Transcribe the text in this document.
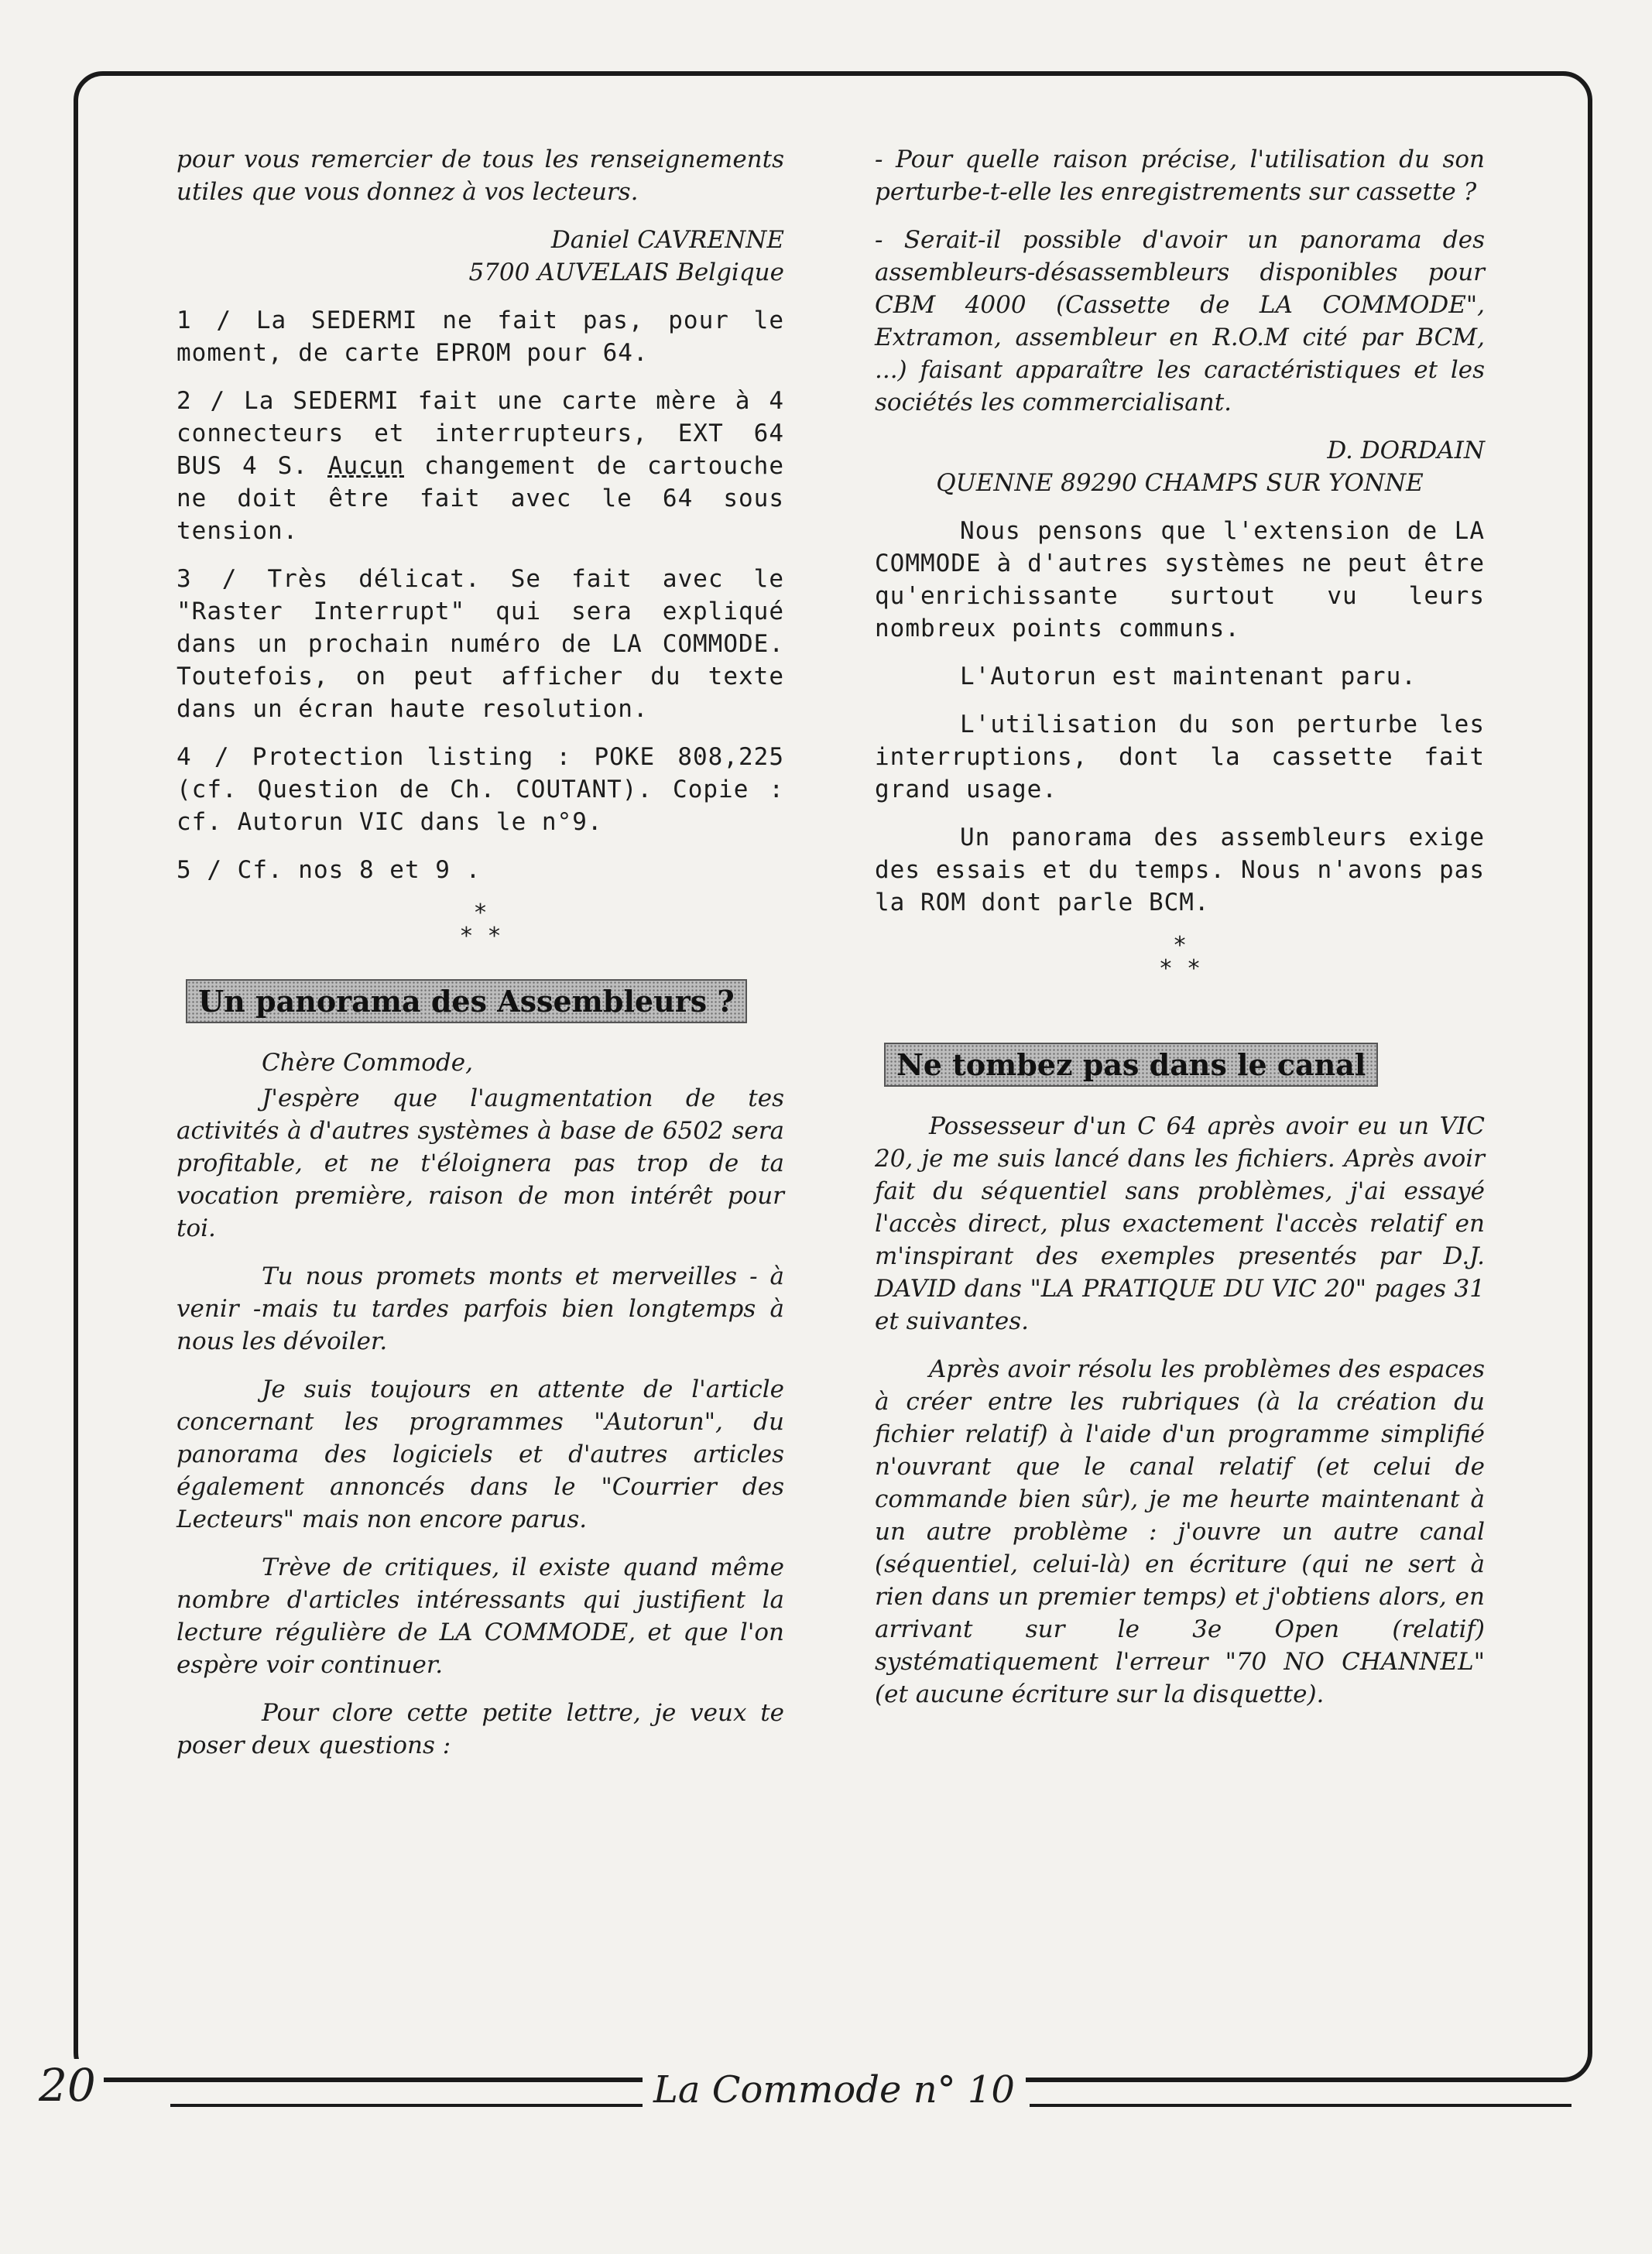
pour vous remercier de tous les renseignements utiles que vous donnez à vos lecteurs.

Daniel CAVRENNE

5700 AUVELAIS Belgique

1 / La SEDERMI ne fait pas, pour le moment, de carte EPROM pour 64.

2 / La SEDERMI fait une carte mère à 4 connecteurs et interrupteurs, EXT 64 BUS 4 S. Aucun changement de cartouche ne doit être fait avec le 64 sous tension.

3 / Très délicat. Se fait avec le "Raster Interrupt" qui sera expliqué dans un prochain numéro de LA COMMODE. Toutefois, on peut afficher du texte dans un écran haute resolution.

4 / Protection listing : POKE 808,225 (cf. Question de Ch. COUTANT). Copie : cf. Autorun VIC dans le n°9.

5 / Cf. nos 8 et 9 .

*
* *
Un panorama des Assembleurs ?

Chère Commode,

J'espère que l'augmentation de tes activités à d'autres systèmes à base de 6502 sera profitable, et ne t'éloignera pas trop de ta vocation première, raison de mon intérêt pour toi.

Tu nous promets monts et merveilles - à venir -mais tu tardes parfois bien longtemps à nous les dévoiler.

Je suis toujours en attente de l'article concernant les programmes "Autorun", du panorama des logiciels et d'autres articles également annoncés dans le "Courrier des Lecteurs" mais non encore parus.

Trève de critiques, il existe quand même nombre d'articles intéressants qui justifient la lecture régulière de LA COMMODE, et que l'on espère voir continuer.

Pour clore cette petite lettre, je veux te poser deux questions :

- Pour quelle raison précise, l'utilisation du son perturbe-t-elle les enregistrements sur cassette ?

- Serait-il possible d'avoir un panorama des assembleurs-désassembleurs disponibles pour CBM 4000 (Cassette de LA COMMODE", Extramon, assembleur en R.O.M cité par BCM, ...) faisant apparaître les caractéristiques et les sociétés les commercialisant.

D. DORDAIN

QUENNE 89290 CHAMPS SUR YONNE

Nous pensons que l'extension de LA COMMODE à d'autres systèmes ne peut être qu'enrichissante surtout vu leurs nombreux points communs.

L'Autorun est maintenant paru.

L'utilisation du son perturbe les interruptions, dont la cassette fait grand usage.

Un panorama des assembleurs exige des essais et du temps. Nous n'avons pas la ROM dont parle BCM.

*
* *
Ne tombez pas dans le canal

Possesseur d'un C 64 après avoir eu un VIC 20, je me suis lancé dans les fichiers. Après avoir fait du séquentiel sans problèmes, j'ai essayé l'accès direct, plus exactement l'accès relatif en m'inspirant des exemples presentés par D.J. DAVID dans "LA PRATIQUE DU VIC 20" pages 31 et suivantes.

Après avoir résolu les problèmes des espaces à créer entre les rubriques (à la création du fichier relatif) à l'aide d'un programme simplifié n'ouvrant que le canal relatif (et celui de commande bien sûr), je me heurte maintenant à un autre problème : j'ouvre un autre canal (séquentiel, celui-là) en écriture (qui ne sert à rien dans un premier temps) et j'obtiens alors, en arrivant sur le 3e Open (relatif) systématiquement l'erreur "70 NO CHANNEL" (et aucune écriture sur la disquette).

20	La Commode n° 10
